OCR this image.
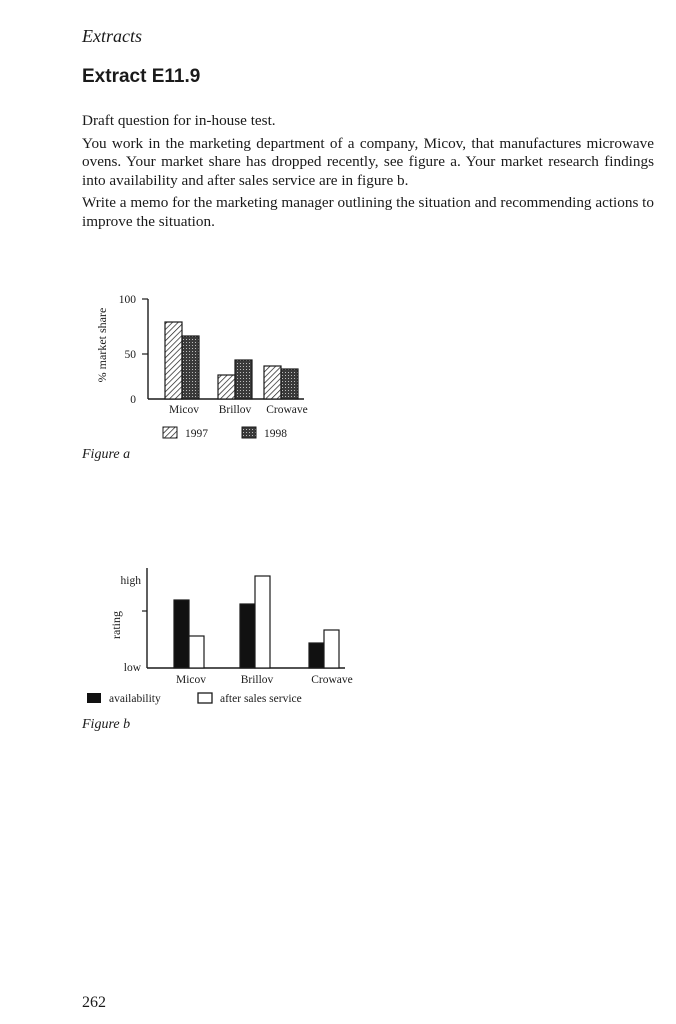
Extracts
Extract E11.9

Draft question for in-house test.

You work in the marketing department of a company, Micov, that manufactures microwave ovens. Your market share has dropped recently, see figure a. Your market research findings into availability and after sales service are in figure b.

Write a memo for the marketing manager outlining the situation and recommending actions to improve the situation.

% market share
100
50
0
Micov Brillov Crowave
1997	1998
Figure a
high
low
rating
Micov	Brillov	Crowave
availability	after sales service
Figure b
262
